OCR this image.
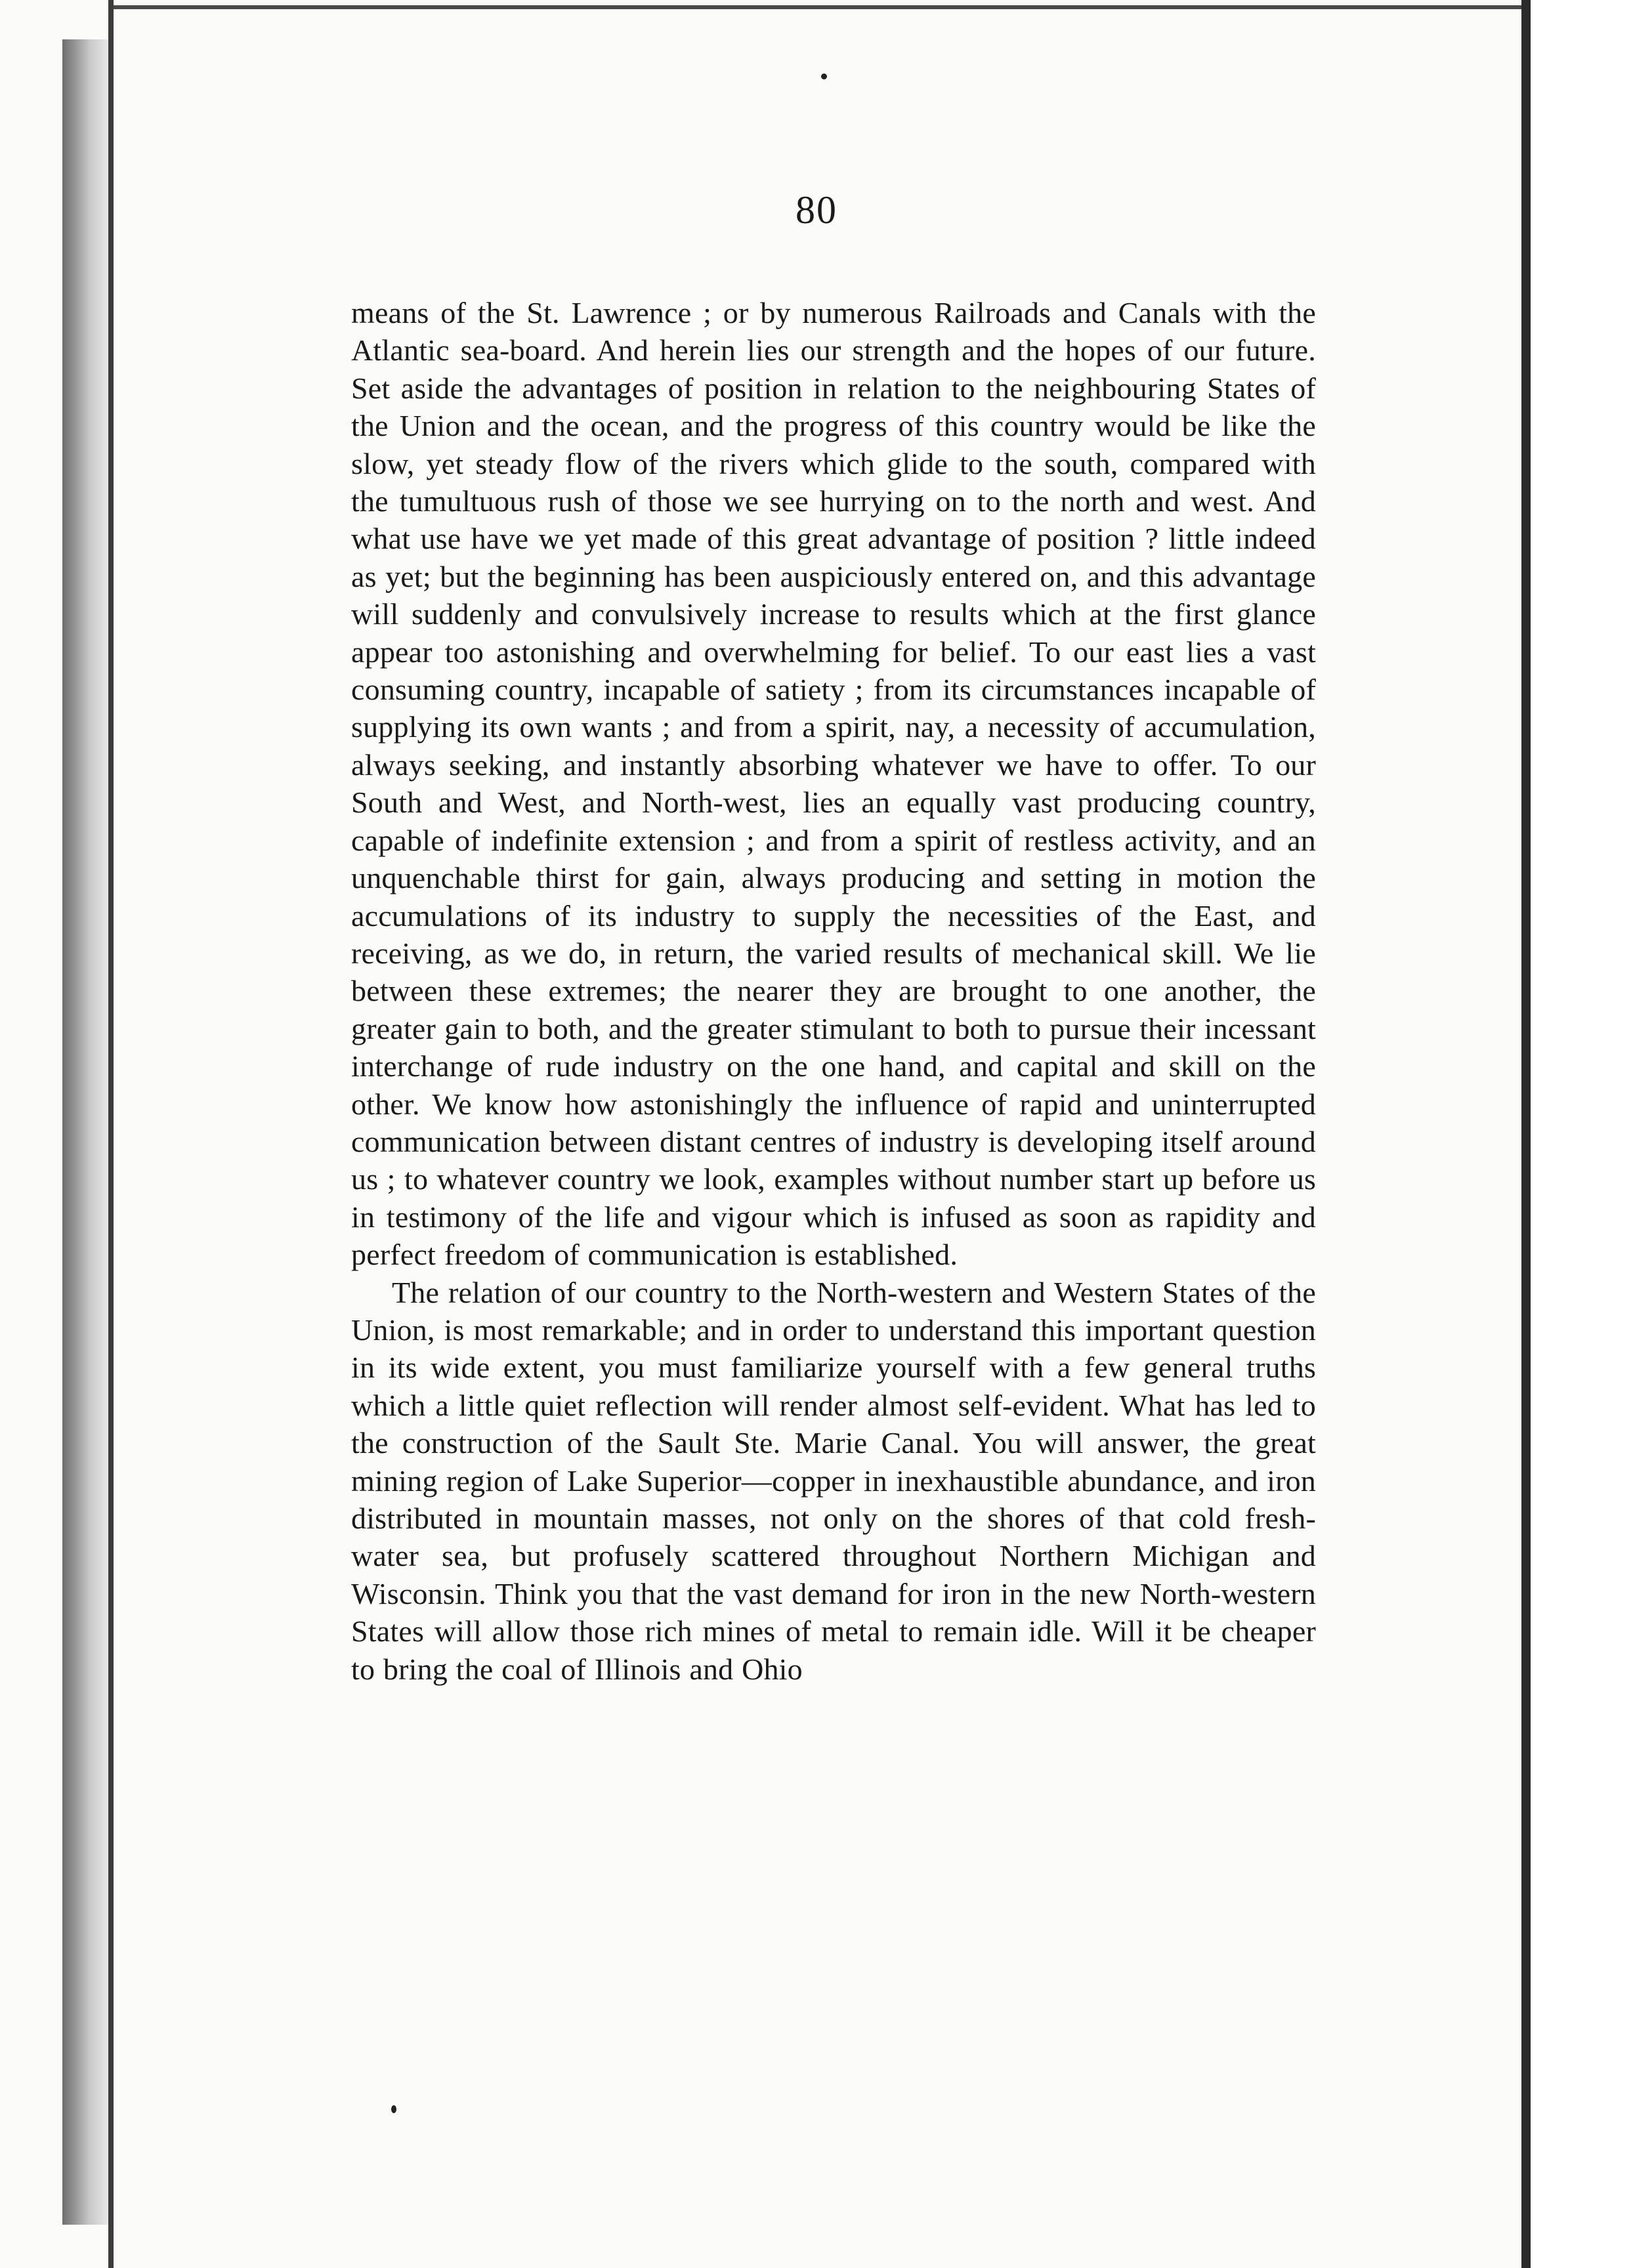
80

means of the St. Lawrence ; or by numerous Railroads and Canals with the Atlantic sea-board. And herein lies our strength and the hopes of our future. Set aside the advantages of position in relation to the neighbouring States of the Union and the ocean, and the progress of this country would be like the slow, yet steady flow of the rivers which glide to the south, compared with the tumultuous rush of those we see hurrying on to the north and west. And what use have we yet made of this great advantage of position ? little indeed as yet; but the beginning has been auspiciously entered on, and this advantage will suddenly and convulsively increase to results which at the first glance appear too astonishing and overwhelming for belief. To our east lies a vast consuming country, incapable of satiety ; from its circumstances incapable of supplying its own wants ; and from a spirit, nay, a necessity of accumulation, always seeking, and instantly absorbing whatever we have to offer. To our South and West, and North-west, lies an equally vast producing country, capable of indefinite extension ; and from a spirit of restless activity, and an unquenchable thirst for gain, always producing and setting in motion the accumulations of its industry to supply the necessities of the East, and receiving, as we do, in return, the varied results of mechanical skill. We lie between these extremes; the nearer they are brought to one another, the greater gain to both, and the greater stimulant to both to pursue their incessant interchange of rude industry on the one hand, and capital and skill on the other. We know how astonishingly the influence of rapid and uninterrupted communication between distant centres of industry is developing itself around us ; to whatever country we look, examples without number start up before us in testimony of the life and vigour which is infused as soon as rapidity and perfect freedom of communication is established.

The relation of our country to the North-western and Western States of the Union, is most remarkable; and in order to understand this important question in its wide extent, you must familiarize yourself with a few general truths which a little quiet reflection will render almost self-evident. What has led to the construction of the Sault Ste. Marie Canal. You will answer, the great mining region of Lake Superior—copper in inexhaustible abundance, and iron distributed in mountain masses, not only on the shores of that cold fresh-water sea, but profusely scattered throughout Northern Michigan and Wisconsin. Think you that the vast demand for iron in the new North-western States will allow those rich mines of metal to remain idle. Will it be cheaper to bring the coal of Illinois and Ohio
